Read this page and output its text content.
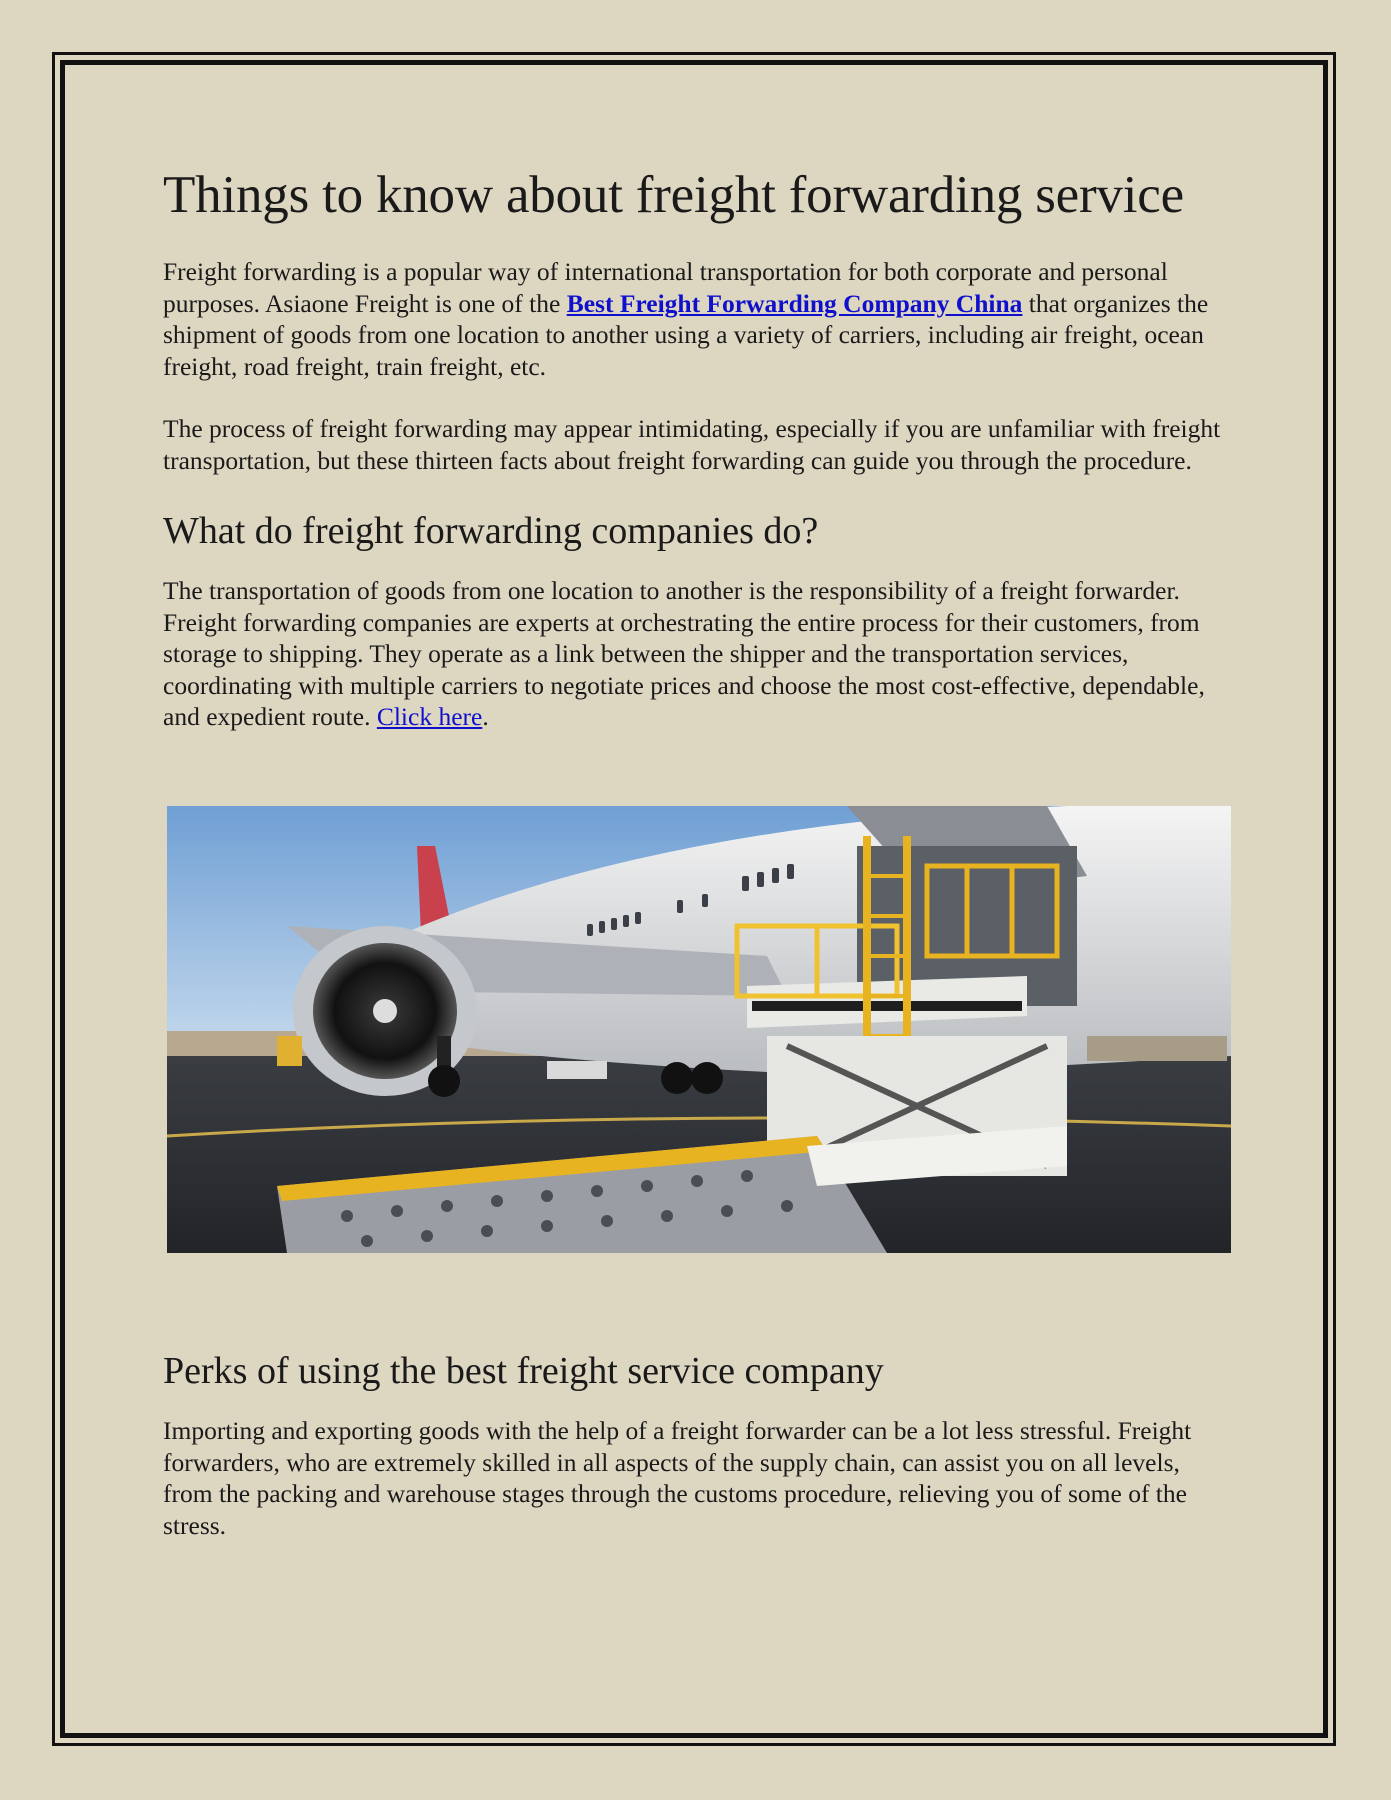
Things to know about freight forwarding service

Freight forwarding is a popular way of international transportation for both corporate and personal purposes. Asiaone Freight is one of the Best Freight Forwarding Company China that organizes the shipment of goods from one location to another using a variety of carriers, including air freight, ocean freight, road freight, train freight, etc.

The process of freight forwarding may appear intimidating, especially if you are unfamiliar with freight transportation, but these thirteen facts about freight forwarding can guide you through the procedure.

What do freight forwarding companies do?

The transportation of goods from one location to another is the responsibility of a freight forwarder. Freight forwarding companies are experts at orchestrating the entire process for their customers, from storage to shipping. They operate as a link between the shipper and the transportation services, coordinating with multiple carriers to negotiate prices and choose the most cost-effective, dependable, and expedient route. Click here.

Perks of using the best freight service company

Importing and exporting goods with the help of a freight forwarder can be a lot less stressful. Freight forwarders, who are extremely skilled in all aspects of the supply chain, can assist you on all levels, from the packing and warehouse stages through the customs procedure, relieving you of some of the stress.
